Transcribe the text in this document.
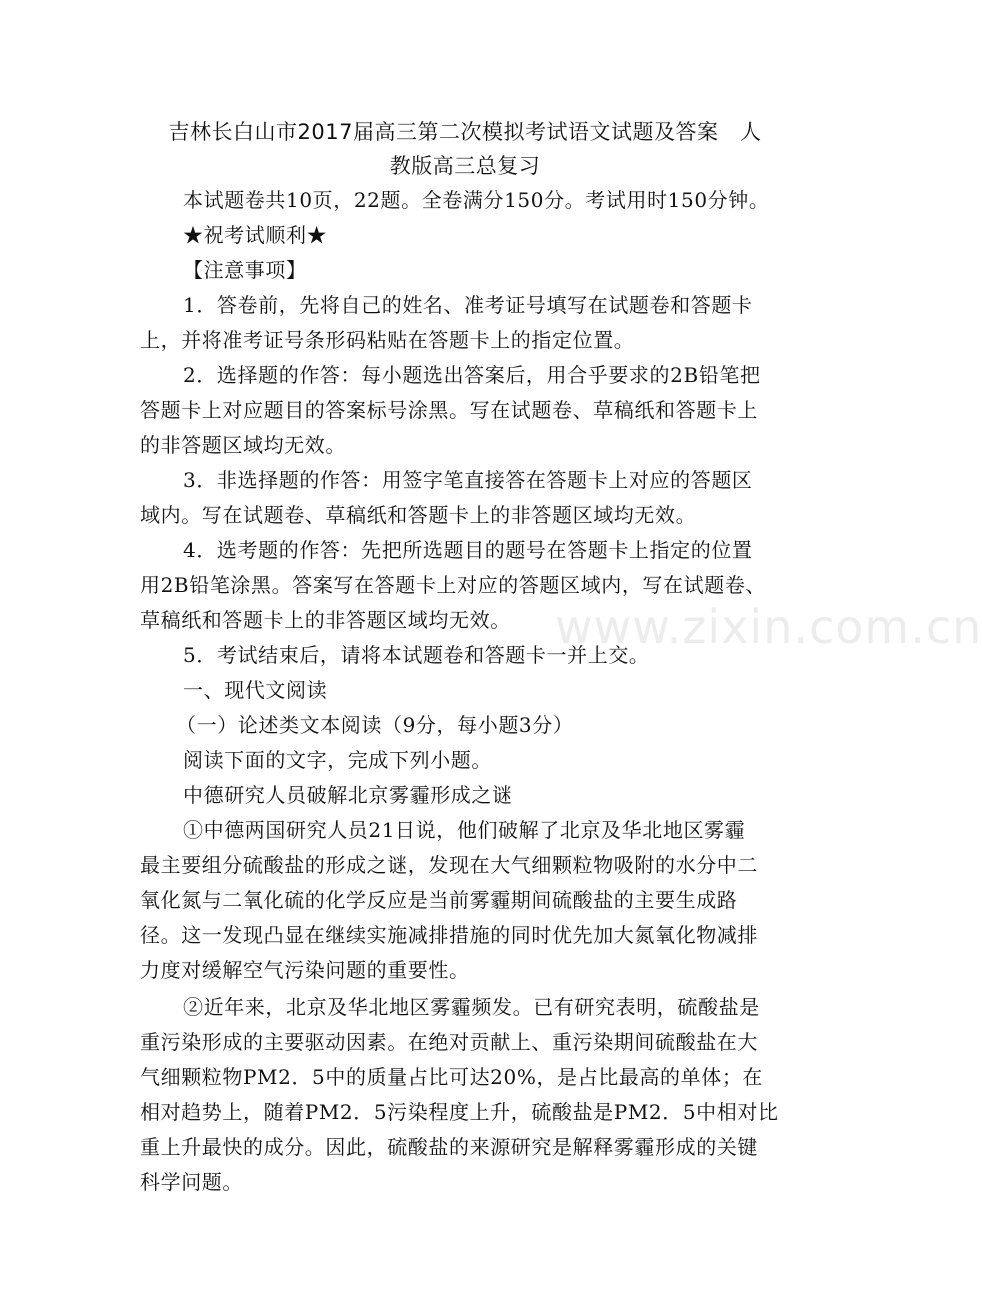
吉林长白山市2017届高三第二次模拟考试语文试题及答案　人
教版高三总复习
本试题卷共10页，22题。全卷满分150分。考试用时150分钟。
★祝考试顺利★
【注意事项】
1．答卷前，先将自己的姓名、准考证号填写在试题卷和答题卡
上，并将准考证号条形码粘贴在答题卡上的指定位置。
2．选择题的作答：每小题选出答案后，用合乎要求的2B铅笔把
答题卡上对应题目的答案标号涂黑。写在试题卷、草稿纸和答题卡上
的非答题区域均无效。
3．非选择题的作答：用签字笔直接答在答题卡上对应的答题区
域内。写在试题卷、草稿纸和答题卡上的非答题区域均无效。
4．选考题的作答：先把所选题目的题号在答题卡上指定的位置
用2B铅笔涂黑。答案写在答题卡上对应的答题区域内，写在试题卷、
草稿纸和答题卡上的非答题区域均无效。
5．考试结束后，请将本试题卷和答题卡一并上交。
一、现代文阅读
（一）论述类文本阅读（9分，每小题3分）
阅读下面的文字，完成下列小题。
中德研究人员破解北京雾霾形成之谜
①中德两国研究人员21日说，他们破解了北京及华北地区雾霾
最主要组分硫酸盐的形成之谜，发现在大气细颗粒物吸附的水分中二
氧化氮与二氧化硫的化学反应是当前雾霾期间硫酸盐的主要生成路
径。这一发现凸显在继续实施减排措施的同时优先加大氮氧化物减排
力度对缓解空气污染问题的重要性。
②近年来，北京及华北地区雾霾频发。已有研究表明，硫酸盐是
重污染形成的主要驱动因素。在绝对贡献上、重污染期间硫酸盐在大
气细颗粒物PM2．5中的质量占比可达20%，是占比最高的单体；在
相对趋势上，随着PM2．5污染程度上升，硫酸盐是PM2．5中相对比
重上升最快的成分。因此，硫酸盐的来源研究是解释雾霾形成的关键
科学问题。
www.zixin.com.cn
